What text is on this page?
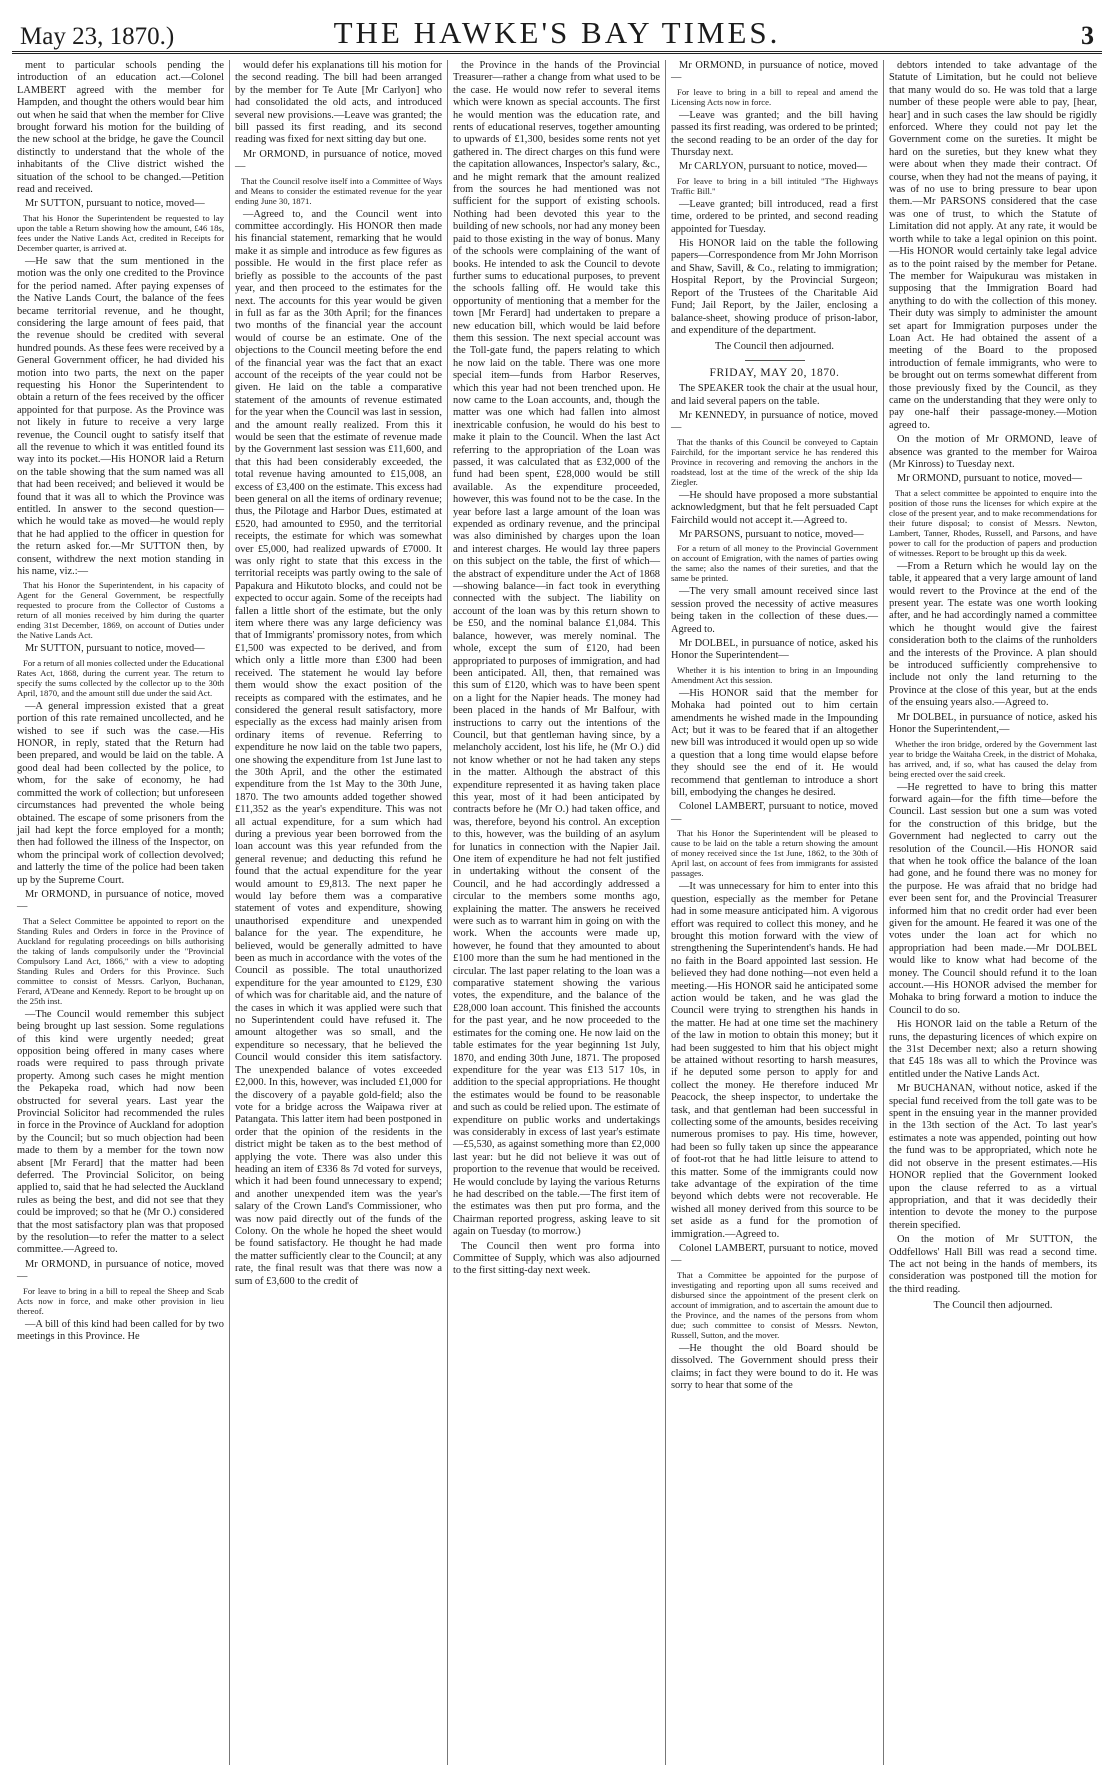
May 23, 1870.)	THE HAWKE'S BAY TIMES.	3

ment to particular schools pending the introduction of an education act.—Colonel LAMBERT agreed with the member for Hampden, and thought the others would bear him out when he said that when the member for Clive brought forward his motion for the building of the new school at the bridge, he gave the Council distinctly to understand that the whole of the inhabitants of the Clive district wished the situation of the school to be changed.—Petition read and received.

Mr SUTTON, pursuant to notice, moved—

That his Honor the Superintendent be requested to lay upon the table a Return showing how the amount, £46 18s, fees under the Native Lands Act, credited in Receipts for December quarter, is arrived at.

—He saw that the sum mentioned in the motion was the only one credited to the Province for the period named. After paying expenses of the Native Lands Court, the balance of the fees became territorial revenue, and he thought, considering the large amount of fees paid, that the revenue should be credited with several hundred pounds. As these fees were received by a General Government officer, he had divided his motion into two parts, the next on the paper requesting his Honor the Superintendent to obtain a return of the fees received by the officer appointed for that purpose. As the Province was not likely in future to receive a very large revenue, the Council ought to satisfy itself that all the revenue to which it was entitled found its way into its pocket.—His HONOR laid a Return on the table showing that the sum named was all that had been received; and believed it would be found that it was all to which the Province was entitled. In answer to the second question—which he would take as moved—he would reply that he had applied to the officer in question for the return asked for.—Mr SUTTON then, by consent, withdrew the next motion standing in his name, viz.:—

That his Honor the Superintendent, in his capacity of Agent for the General Government, be respectfully requested to procure from the Collector of Customs a return of all monies received by him during the quarter ending 31st December, 1869, on account of Duties under the Native Lands Act.

Mr SUTTON, pursuant to notice, moved—

For a return of all monies collected under the Educational Rates Act, 1868, during the current year. The return to specify the sums collected by the collector up to the 30th April, 1870, and the amount still due under the said Act.

—A general impression existed that a great portion of this rate remained uncollected, and he wished to see if such was the case.—His HONOR, in reply, stated that the Return had been prepared, and would be laid on the table. A good deal had been collected by the police, to whom, for the sake of economy, he had committed the work of collection; but unforeseen circumstances had prevented the whole being obtained. The escape of some prisoners from the jail had kept the force employed for a month; then had followed the illness of the Inspector, on whom the principal work of collection devolved; and latterly the time of the police had been taken up by the Supreme Court.

Mr ORMOND, in pursuance of notice, moved—

That a Select Committee be appointed to report on the Standing Rules and Orders in force in the Province of Auckland for regulating proceedings on bills authorising the taking of lands compulsorily under the "Provincial Compulsory Land Act, 1866," with a view to adopting Standing Rules and Orders for this Province. Such committee to consist of Messrs. Carlyon, Buchanan, Ferard, A'Deane and Kennedy. Report to be brought up on the 25th inst.

—The Council would remember this subject being brought up last session. Some regulations of this kind were urgently needed; great opposition being offered in many cases where roads were required to pass through private property. Among such cases he might mention the Pekapeka road, which had now been obstructed for several years. Last year the Provincial Solicitor had recommended the rules in force in the Province of Auckland for adoption by the Council; but so much objection had been made to them by a member for the town now absent [Mr Ferard] that the matter had been deferred. The Provincial Solicitor, on being applied to, said that he had selected the Auckland rules as being the best, and did not see that they could be improved; so that he (Mr O.) considered that the most satisfactory plan was that proposed by the resolution—to refer the matter to a select committee.—Agreed to.

Mr ORMOND, in pursuance of notice, moved—

For leave to bring in a bill to repeal the Sheep and Scab Acts now in force, and make other provision in lieu thereof.

—A bill of this kind had been called for by two meetings in this Province. He

would defer his explanations till his motion for the second reading. The bill had been arranged by the member for Te Aute [Mr Carlyon] who had consolidated the old acts, and introduced several new provisions.—Leave was granted; the bill passed its first reading, and its second reading was fixed for next sitting day but one.

Mr ORMOND, in pursuance of notice, moved—

That the Council resolve itself into a Committee of Ways and Means to consider the estimated revenue for the year ending June 30, 1871.

—Agreed to, and the Council went into committee accordingly. His HONOR then made his financial statement, remarking that he would make it as simple and introduce as few figures as possible. He would in the first place refer as briefly as possible to the accounts of the past year, and then proceed to the estimates for the next. The accounts for this year would be given in full as far as the 30th April; for the finances two months of the financial year the account would of course be an estimate. One of the objections to the Council meeting before the end of the financial year was the fact that an exact account of the receipts of the year could not be given. He laid on the table a comparative statement of the amounts of revenue estimated for the year when the Council was last in session, and the amount really realized. From this it would be seen that the estimate of revenue made by the Government last session was £11,600, and that this had been considerably exceeded, the total revenue having amounted to £15,008, an excess of £3,400 on the estimate. This excess had been general on all the items of ordinary revenue; thus, the Pilotage and Harbor Dues, estimated at £520, had amounted to £950, and the territorial receipts, the estimate for which was somewhat over £5,000, had realized upwards of £7000. It was only right to state that this excess in the territorial receipts was partly owing to the sale of Papakura and Hikutoto blocks, and could not be expected to occur again. Some of the receipts had fallen a little short of the estimate, but the only item where there was any large deficiency was that of Immigrants' promissory notes, from which £1,500 was expected to be derived, and from which only a little more than £300 had been received. The statement he would lay before them would show the exact position of the receipts as compared with the estimates, and he considered the general result satisfactory, more especially as the excess had mainly arisen from ordinary items of revenue. Referring to expenditure he now laid on the table two papers, one showing the expenditure from 1st June last to the 30th April, and the other the estimated expenditure from the 1st May to the 30th June, 1870. The two amounts added together showed £11,352 as the year's expenditure. This was not all actual expenditure, for a sum which had during a previous year been borrowed from the loan account was this year refunded from the general revenue; and deducting this refund he found that the actual expenditure for the year would amount to £9,813. The next paper he would lay before them was a comparative statement of votes and expenditure, showing unauthorised expenditure and unexpended balance for the year. The expenditure, he believed, would be generally admitted to have been as much in accordance with the votes of the Council as possible. The total unauthorized expenditure for the year amounted to £129, £30 of which was for charitable aid, and the nature of the cases in which it was applied were such that no Superintendent could have refused it. The amount altogether was so small, and the expenditure so necessary, that he believed the Council would consider this item satisfactory. The unexpended balance of votes exceeded £2,000. In this, however, was included £1,000 for the discovery of a payable gold-field; also the vote for a bridge across the Waipawa river at Patangata. This latter item had been postponed in order that the opinion of the residents in the district might be taken as to the best method of applying the vote. There was also under this heading an item of £336 8s 7d voted for surveys, which it had been found unnecessary to expend; and another unexpended item was the year's salary of the Crown Land's Commissioner, who was now paid directly out of the funds of the Colony. On the whole he hoped the sheet would be found satisfactory. He thought he had made the matter sufficiently clear to the Council; at any rate, the final result was that there was now a sum of £3,600 to the credit of

the Province in the hands of the Provincial Treasurer—rather a change from what used to be the case. He would now refer to several items which were known as special accounts. The first he would mention was the education rate, and rents of educational reserves, together amounting to upwards of £1,300, besides some rents not yet gathered in. The direct charges on this fund were the capitation allowances, Inspector's salary, &c., and he might remark that the amount realized from the sources he had mentioned was not sufficient for the support of existing schools. Nothing had been devoted this year to the building of new schools, nor had any money been paid to those existing in the way of bonus. Many of the schools were complaining of the want of books. He intended to ask the Council to devote further sums to educational purposes, to prevent the schools falling off. He would take this opportunity of mentioning that a member for the town [Mr Ferard] had undertaken to prepare a new education bill, which would be laid before them this session. The next special account was the Toll-gate fund, the papers relating to which he now laid on the table. There was one more special item—funds from Harbor Reserves, which this year had not been trenched upon. He now came to the Loan accounts, and, though the matter was one which had fallen into almost inextricable confusion, he would do his best to make it plain to the Council. When the last Act referring to the appropriation of the Loan was passed, it was calculated that as £32,000 of the fund had been spent, £28,000 would be still available. As the expenditure proceeded, however, this was found not to be the case. In the year before last a large amount of the loan was expended as ordinary revenue, and the principal was also diminished by charges upon the loan and interest charges. He would lay three papers on this subject on the table, the first of which—the abstract of expenditure under the Act of 1868—showing balance—in fact took in everything connected with the subject. The liability on account of the loan was by this return shown to be £50, and the nominal balance £1,084. This balance, however, was merely nominal. The whole, except the sum of £120, had been appropriated to purposes of immigration, and had been anticipated. All, then, that remained was this sum of £120, which was to have been spent on a light for the Napier heads. The money had been placed in the hands of Mr Balfour, with instructions to carry out the intentions of the Council, but that gentleman having since, by a melancholy accident, lost his life, he (Mr O.) did not know whether or not he had taken any steps in the matter. Although the abstract of this expenditure represented it as having taken place this year, most of it had been anticipated by contracts before he (Mr O.) had taken office, and was, therefore, beyond his control. An exception to this, however, was the building of an asylum for lunatics in connection with the Napier Jail. One item of expenditure he had not felt justified in undertaking without the consent of the Council, and he had accordingly addressed a circular to the members some months ago, explaining the matter. The answers he received were such as to warrant him in going on with the work. When the accounts were made up, however, he found that they amounted to about £100 more than the sum he had mentioned in the circular. The last paper relating to the loan was a comparative statement showing the various votes, the expenditure, and the balance of the £28,000 loan account. This finished the accounts for the past year, and he now proceeded to the estimates for the coming one. He now laid on the table estimates for the year beginning 1st July, 1870, and ending 30th June, 1871. The proposed expenditure for the year was £13 517 10s, in addition to the special appropriations. He thought the estimates would be found to be reasonable and such as could be relied upon. The estimate of expenditure on public works and undertakings was considerably in excess of last year's estimate—£5,530, as against something more than £2,000 last year: but he did not believe it was out of proportion to the revenue that would be received. He would conclude by laying the various Returns he had described on the table.—The first item of the estimates was then put pro forma, and the Chairman reported progress, asking leave to sit again on Tuesday (to morrow.)

The Council then went pro forma into Committee of Supply, which was also adjourned to the first sitting-day next week.

Mr ORMOND, in pursuance of notice, moved—

For leave to bring in a bill to repeal and amend the Licensing Acts now in force.

—Leave was granted; and the bill having passed its first reading, was ordered to be printed; the second reading to be an order of the day for Thursday next.

Mr CARLYON, pursuant to notice, moved—

For leave to bring in a bill intituled "The Highways Traffic Bill."

—Leave granted; bill introduced, read a first time, ordered to be printed, and second reading appointed for Tuesday.

His HONOR laid on the table the following papers—Correspondence from Mr John Morrison and Shaw, Savill, & Co., relating to immigration; Hospital Report, by the Provincial Surgeon; Report of the Trustees of the Charitable Aid Fund; Jail Report, by the Jailer, enclosing a balance-sheet, showing produce of prison-labor, and expenditure of the department.

The Council then adjourned.

FRIDAY, MAY 20, 1870.

The SPEAKER took the chair at the usual hour, and laid several papers on the table.

Mr KENNEDY, in pursuance of notice, moved—

That the thanks of this Council be conveyed to Captain Fairchild, for the important service he has rendered this Province in recovering and removing the anchors in the roadstead, lost at the time of the wreck of the ship Ida Ziegler.

—He should have proposed a more substantial acknowledgment, but that he felt persuaded Capt Fairchild would not accept it.—Agreed to.

Mr PARSONS, pursuant to notice, moved—

For a return of all money to the Provincial Government on account of Emigration, with the names of parties owing the same; also the names of their sureties, and that the same be printed.

—The very small amount received since last session proved the necessity of active measures being taken in the collection of these dues.—Agreed to.

Mr DOLBEL, in pursuance of notice, asked his Honor the Superintendent—

Whether it is his intention to bring in an Impounding Amendment Act this session.

—His HONOR said that the member for Mohaka had pointed out to him certain amendments he wished made in the Impounding Act; but it was to be feared that if an altogether new bill was introduced it would open up so wide a question that a long time would elapse before they should see the end of it. He would recommend that gentleman to introduce a short bill, embodying the changes he desired.

Colonel LAMBERT, pursuant to notice, moved—

That his Honor the Superintendent will be pleased to cause to be laid on the table a return showing the amount of money received since the 1st June, 1862, to the 30th of April last, on account of fees from immigrants for assisted passages.

—It was unnecessary for him to enter into this question, especially as the member for Petane had in some measure anticipated him. A vigorous effort was required to collect this money, and he brought this motion forward with the view of strengthening the Superintendent's hands. He had no faith in the Board appointed last session. He believed they had done nothing—not even held a meeting.—His HONOR said he anticipated some action would be taken, and he was glad the Council were trying to strengthen his hands in the matter. He had at one time set the machinery of the law in motion to obtain this money; but it had been suggested to him that his object might be attained without resorting to harsh measures, if he deputed some person to apply for and collect the money. He therefore induced Mr Peacock, the sheep inspector, to undertake the task, and that gentleman had been successful in collecting some of the amounts, besides receiving numerous promises to pay. His time, however, had been so fully taken up since the appearance of foot-rot that he had little leisure to attend to this matter. Some of the immigrants could now take advantage of the expiration of the time beyond which debts were not recoverable. He wished all money derived from this source to be set aside as a fund for the promotion of immigration.—Agreed to.

Colonel LAMBERT, pursuant to notice, moved—

That a Committee be appointed for the purpose of investigating and reporting upon all sums received and disbursed since the appointment of the present clerk on account of immigration, and to ascertain the amount due to the Province, and the names of the persons from whom due; such committee to consist of Messrs. Newton, Russell, Sutton, and the mover.

—He thought the old Board should be dissolved. The Government should press their claims; in fact they were bound to do it. He was sorry to hear that some of the

debtors intended to take advantage of the Statute of Limitation, but he could not believe that many would do so. He was told that a large number of these people were able to pay, [hear, hear] and in such cases the law should be rigidly enforced. Where they could not pay let the Government come on the sureties. It might be hard on the sureties, but they knew what they were about when they made their contract. Of course, when they had not the means of paying, it was of no use to bring pressure to bear upon them.—Mr PARSONS considered that the case was one of trust, to which the Statute of Limitation did not apply. At any rate, it would be worth while to take a legal opinion on this point.—His HONOR would certainly take legal advice as to the point raised by the member for Petane. The member for Waipukurau was mistaken in supposing that the Immigration Board had anything to do with the collection of this money. Their duty was simply to administer the amount set apart for Immigration purposes under the Loan Act. He had obtained the assent of a meeting of the Board to the proposed introduction of female immigrants, who were to be brought out on terms somewhat different from those previously fixed by the Council, as they came on the understanding that they were only to pay one-half their passage-money.—Motion agreed to.

On the motion of Mr ORMOND, leave of absence was granted to the member for Wairoa (Mr Kinross) to Tuesday next.

Mr ORMOND, pursuant to notice, moved—

That a select committee be appointed to enquire into the position of those runs the licenses for which expire at the close of the present year, and to make recommendations for their future disposal; to consist of Messrs. Newton, Lambert, Tanner, Rhodes, Russell, and Parsons, and have power to call for the production of papers and production of witnesses. Report to be brought up this da week.

—From a Return which he would lay on the table, it appeared that a very large amount of land would revert to the Province at the end of the present year. The estate was one worth looking after, and he had accordingly named a committee which he thought would give the fairest consideration both to the claims of the runholders and the interests of the Province. A plan should be introduced sufficiently comprehensive to include not only the land returning to the Province at the close of this year, but at the ends of the ensuing years also.—Agreed to.

Mr DOLBEL, in pursuance of notice, asked his Honor the Superintendent,—

Whether the iron bridge, ordered by the Government last year to bridge the Waitaha Creek, in the district of Mohaka, has arrived, and, if so, what has caused the delay from being erected over the said creek.

—He regretted to have to bring this matter forward again—for the fifth time—before the Council. Last session but one a sum was voted for the construction of this bridge, but the Government had neglected to carry out the resolution of the Council.—His HONOR said that when he took office the balance of the loan had gone, and he found there was no money for the purpose. He was afraid that no bridge had ever been sent for, and the Provincial Treasurer informed him that no credit order had ever been given for the amount. He feared it was one of the votes under the loan act for which no appropriation had been made.—Mr DOLBEL would like to know what had become of the money. The Council should refund it to the loan account.—His HONOR advised the member for Mohaka to bring forward a motion to induce the Council to do so.

His HONOR laid on the table a Return of the runs, the depasturing licences of which expire on the 31st December next; also a return showing that £45 18s was all to which the Province was entitled under the Native Lands Act.

Mr BUCHANAN, without notice, asked if the special fund received from the toll gate was to be spent in the ensuing year in the manner provided in the 13th section of the Act. To last year's estimates a note was appended, pointing out how the fund was to be appropriated, which note he did not observe in the present estimates.—His HONOR replied that the Government looked upon the clause referred to as a virtual appropriation, and that it was decidedly their intention to devote the money to the purpose therein specified.

On the motion of Mr SUTTON, the Oddfellows' Hall Bill was read a second time. The act not being in the hands of members, its consideration was postponed till the motion for the third reading.

The Council then adjourned.
